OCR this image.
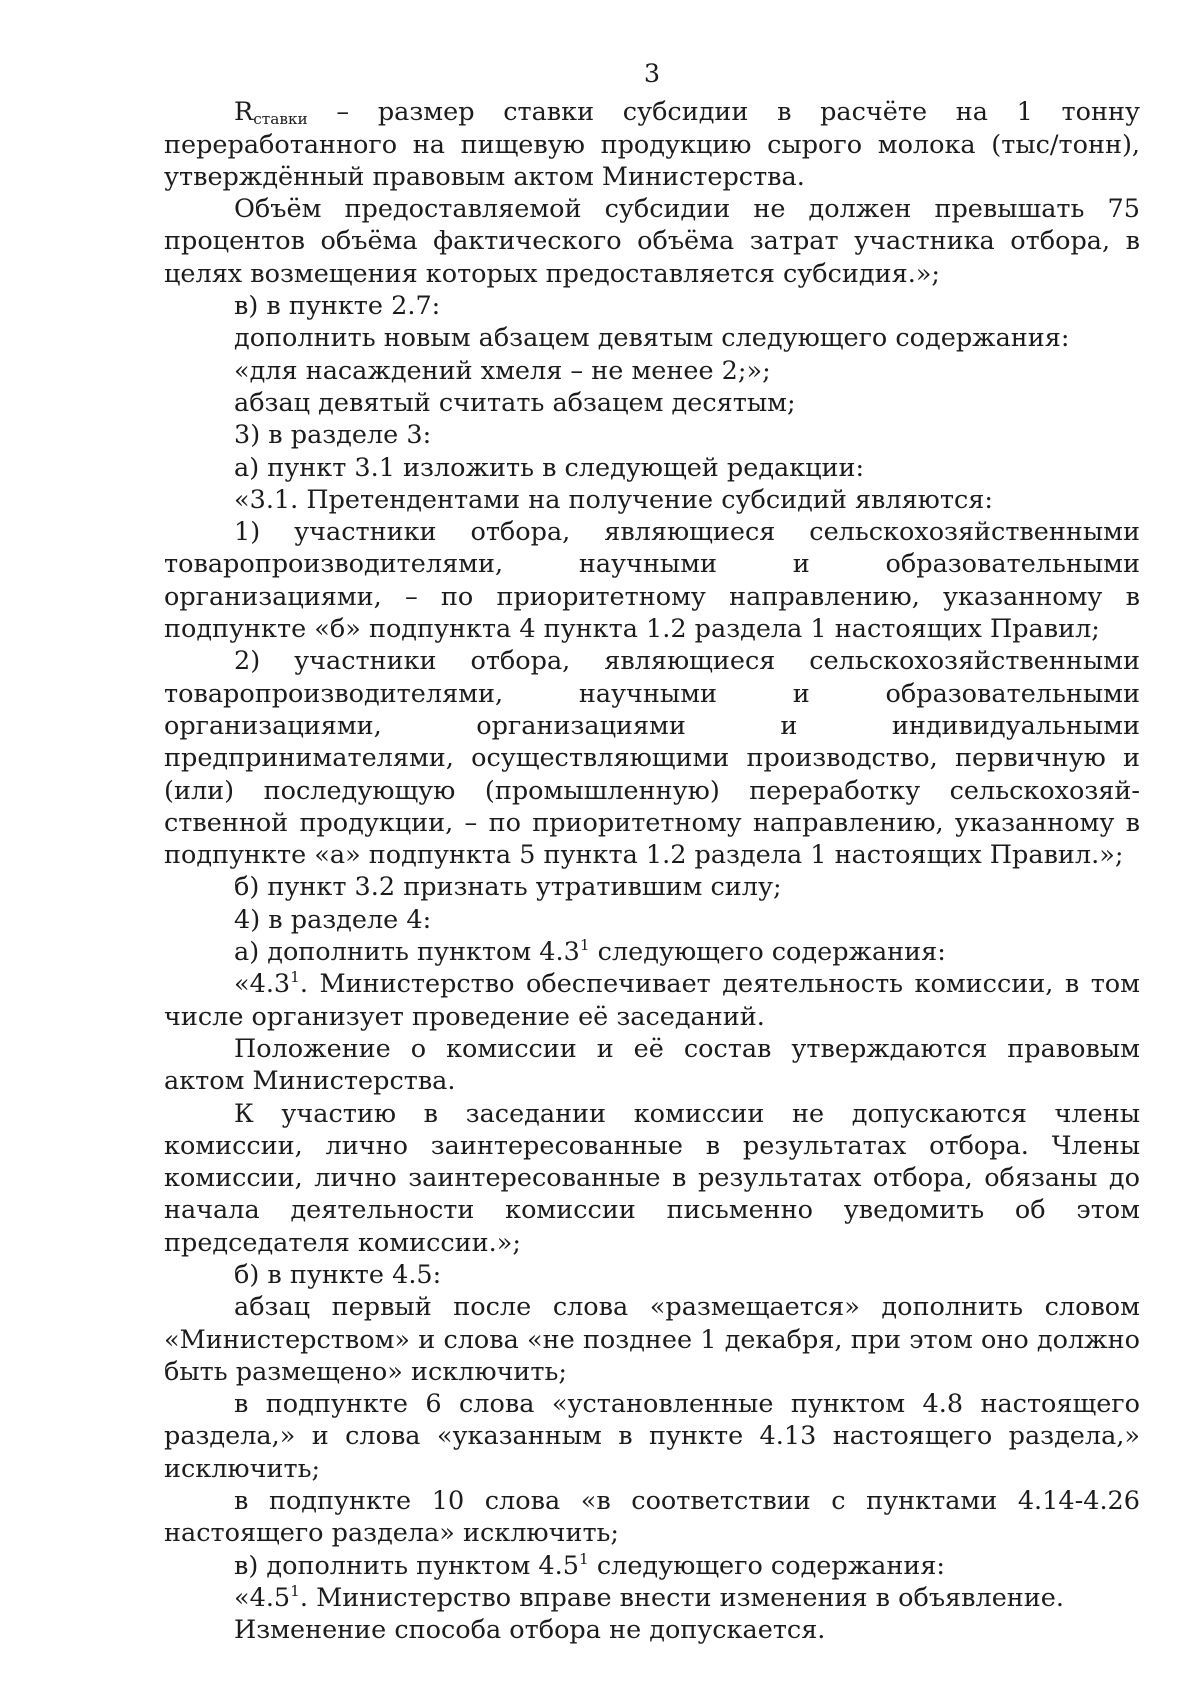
3

$R_{ставки}$ – размер ставки субсидии в расчёте на 1 тонну переработанного на пищевую продукцию сырого молока (тыс/тонн), утверждённый правовым актом Министерства.

Объём предоставляемой субсидии не должен превышать 75 процентов объёма фактического объёма затрат участника отбора, в целях возмещения которых предоставляется субсидия.»;

в) в пункте 2.7:

дополнить новым абзацем девятым следующего содержания:

«для насаждений хмеля – не менее 2;»;

абзац девятый считать абзацем десятым;

3) в разделе 3:

а) пункт 3.1 изложить в следующей редакции:

«3.1. Претендентами на получение субсидий являются:

1) участники отбора, являющиеся сельскохозяйственными товаропроизводителями, научными и образовательными организациями, – по приоритетному направлению, указанному в подпункте «б» подпункта 4 пункта 1.2 раздела 1 настоящих Правил;

2) участники отбора, являющиеся сельскохозяйственными товаропроизводителями, научными и образовательными организациями, организациями и индивидуальными предпринимателями, осуществляющими производство, первичную и (или) последующую (промышленную) переработку сельскохозяйственной продукции, – по приоритетному направлению, указанному в подпункте «а» подпункта 5 пункта 1.2 раздела 1 настоящих Правил.»;

б) пункт 3.2 признать утратившим силу;

4) в разделе 4:

а) дополнить пунктом $4.3^1$ следующего содержания:

«$4.3^1$. Министерство обеспечивает деятельность комиссии, в том числе организует проведение её заседаний.

Положение о комиссии и её состав утверждаются правовым актом Министерства.

К участию в заседании комиссии не допускаются члены комиссии, лично заинтересованные в результатах отбора. Члены комиссии, лично заинтересованные в результатах отбора, обязаны до начала деятельности комиссии письменно уведомить об этом председателя комиссии.»;

б) в пункте 4.5:

абзац первый после слова «размещается» дополнить словом «Министерством» и слова «не позднее 1 декабря, при этом оно должно быть размещено» исключить;

в подпункте 6 слова «установленные пунктом 4.8 настоящего раздела,» и слова «указанным в пункте 4.13 настоящего раздела,» исключить;

в подпункте 10 слова «в соответствии с пунктами 4.14-4.26 настоящего раздела» исключить;

в) дополнить пунктом $4.5^1$ следующего содержания:

«$4.5^1$. Министерство вправе внести изменения в объявление.

Изменение способа отбора не допускается.
